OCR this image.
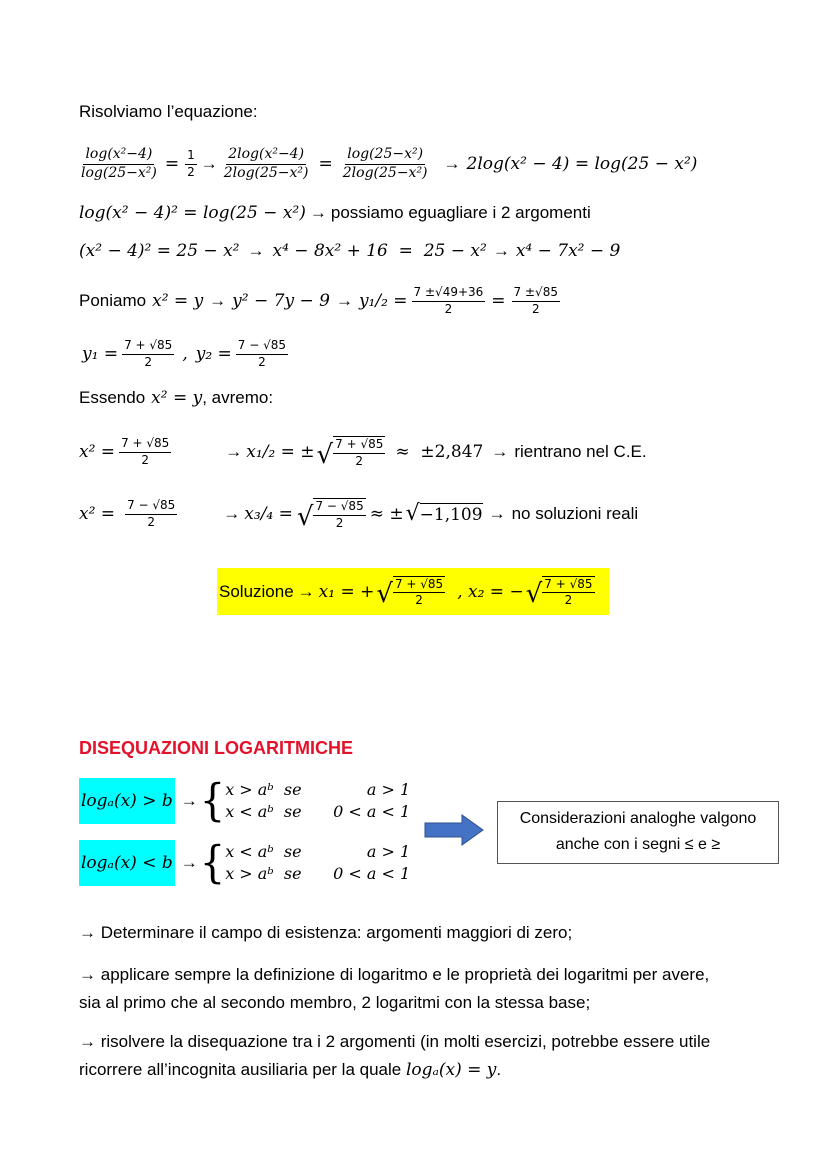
Risolviamo l’equazione:
$\frac{\text{log(x²−4)}}{\text{log(25−x²)}} = \frac{1}{2} \to \frac{\text{2log(x²−4)}}{\text{2log(25−x²)}} = \frac{\text{log(25−x²)}}{\text{2log(25−x²)}} \to 2\log(x^2 - 4) = \log(25 - x^2)$
log(x² − 4)² = log(25 − x²) → possiamo eguagliare i 2 argomenti
(x² − 4)² = 25 − x² → x⁴ − 8x² + 16  =  25 − x² → x⁴ − 7x² − 9
Poniamo $x^2 = y \to y^2 - 7y - 9 \to y_1/_2 = \frac{7 \pm√49+36}{2} = \frac{7 \pm√85}{2}$
$y_1 = \frac{7 + √85}{2}$ , $y_2 = \frac{7 - √85}{2}$
Essendo x² = y , avremo:
$x^2 = \frac{7 + √85}{2}$	→ x₁/₂ = ± √ $\frac{7 + √85}{2} \approx \pm 2,847$ → rientrano nel C.E.
$x^2 = \frac{7 - √85}{2}$	→ x₃/₄ = √ $\frac{7 - √85}{2}$ ≈ ± √ −1,109 → no soluzioni reali
Soluzione → x₁ = + √ $\frac{7 + √85}{2}$ , x₂ = − √ $\frac{7 + √85}{2}$
DISEQUAZIONI LOGARITMICHE
logₐ(x) > b → { x > aᵇ  se	a > 1
x < aᵇ  se 0 < a < 1
logₐ(x) < b → { x < aᵇ  se	a > 1
x > aᵇ  se 0 < a < 1
Considerazioni analoghe valgono
anche con i segni ≤ e ≥
→ Determinare il campo di esistenza: argomenti maggiori di zero;
→ applicare sempre la definizione di logaritmo e le proprietà dei logaritmi per avere,
sia al primo che al secondo membro, 2 logaritmi con la stessa base;
→ risolvere la disequazione tra i 2 argomenti (in molti esercizi, potrebbe essere utile
ricorrere all’incognita ausiliaria per la quale logₐ(x) = y.
